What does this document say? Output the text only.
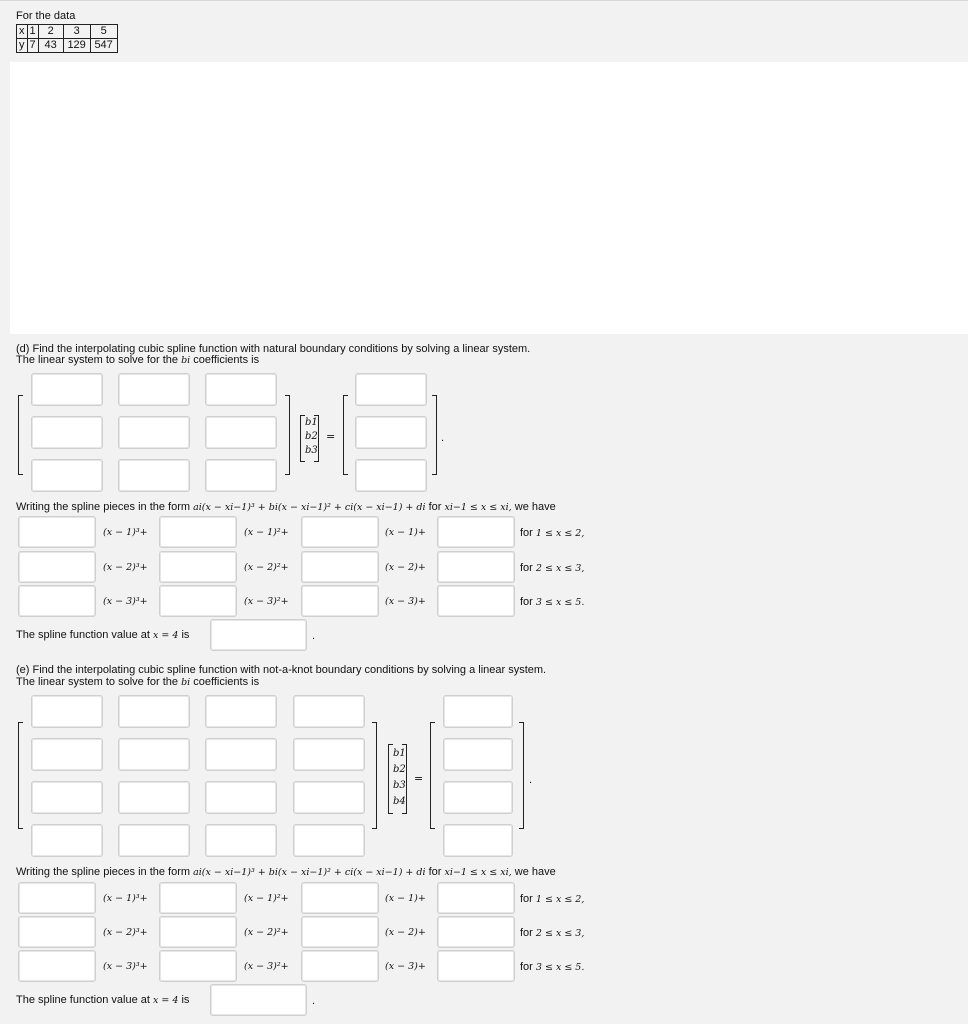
For the data
x	1	2	3	5
y	7	43	129	547
(d) Find the interpolating cubic spline function with natural boundary conditions by solving a linear system.
The linear system to solve for the bi coefficients is
b1
b2
b3
=	.
Writing the spline pieces in the form ai(x − xi−1)³ + bi(x − xi−1)² + ci(x − xi−1) + di for xi−1 ≤ x ≤ xi, we have
(x − 1)³+	(x − 1)²+	(x − 1)+	for 1 ≤ x ≤ 2,
(x − 2)³+	(x − 2)²+	(x − 2)+	for 2 ≤ x ≤ 3,
(x − 3)³+	(x − 3)²+	(x − 3)+	for 3 ≤ x ≤ 5.
The spline function value at x = 4 is	.
(e) Find the interpolating cubic spline function with not-a-knot boundary conditions by solving a linear system.
The linear system to solve for the bi coefficients is
b1
b2
b3
b4
=	.
Writing the spline pieces in the form ai(x − xi−1)³ + bi(x − xi−1)² + ci(x − xi−1) + di for xi−1 ≤ x ≤ xi, we have
(x − 1)³+	(x − 1)²+	(x − 1)+	for 1 ≤ x ≤ 2,
(x − 2)³+	(x − 2)²+	(x − 2)+	for 2 ≤ x ≤ 3,
(x − 3)³+	(x − 3)²+	(x − 3)+	for 3 ≤ x ≤ 5.
The spline function value at x = 4 is	.
